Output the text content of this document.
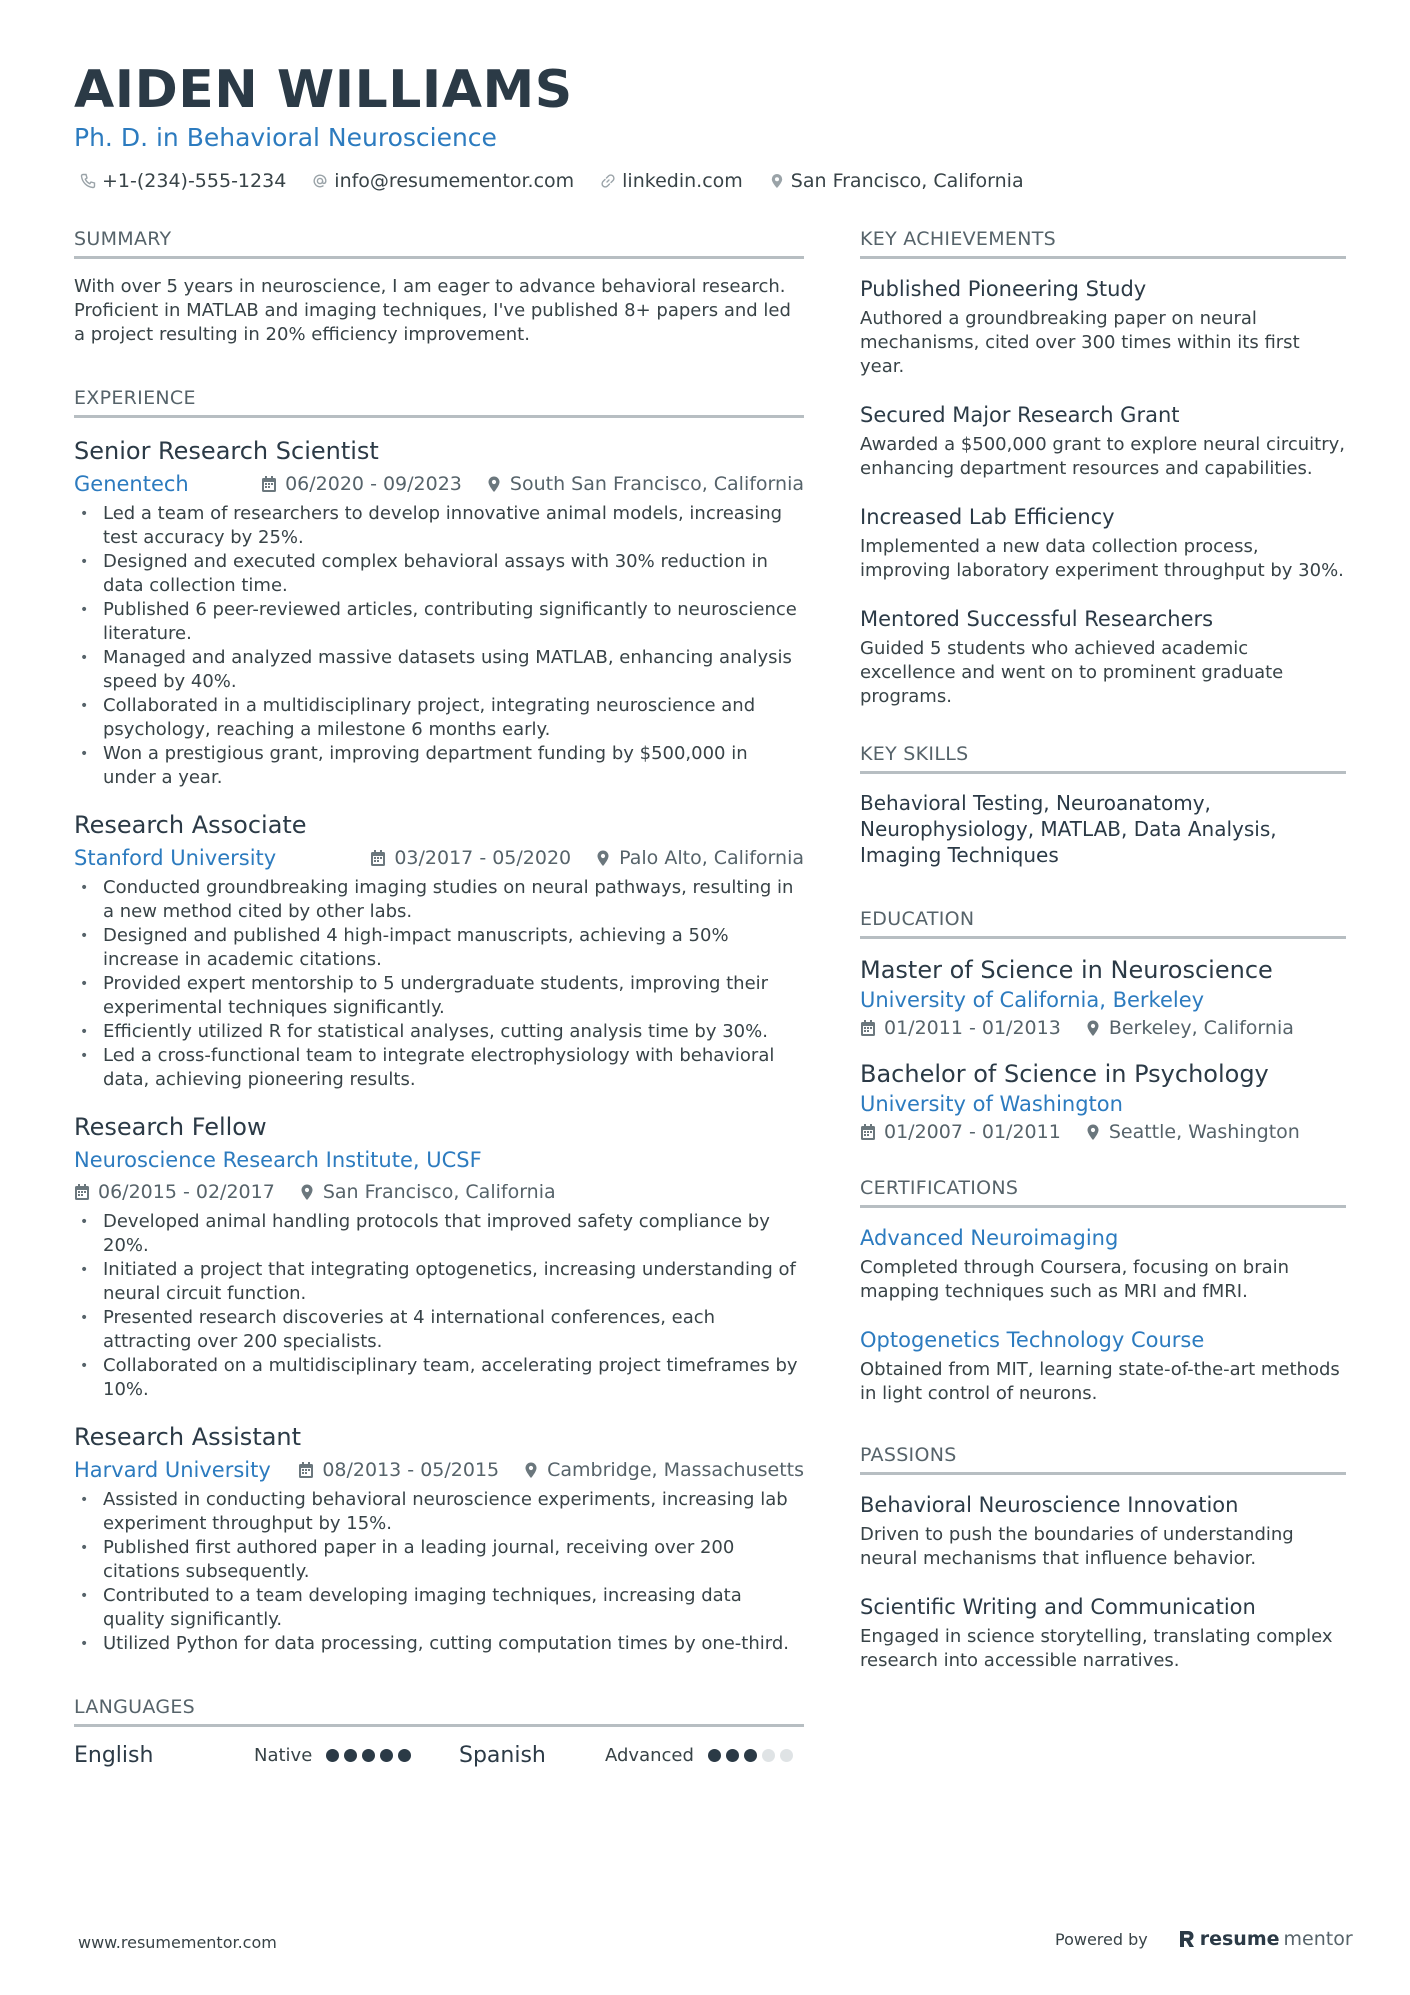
AIDEN WILLIAMS
Ph. D. in Behavioral Neuroscience
+1-(234)-555-1234	info@resumementor.com	linkedin.com	San Francisco, California
SUMMARY

With over 5 years in neuroscience, I am eager to advance behavioral research. Proficient in MATLAB and imaging techniques, I've published 8+ papers and led a project resulting in 20% efficiency improvement.

EXPERIENCE
Senior Research Scientist
Genentech	06/2020 - 09/2023	South San Francisco, California
• Led a team of researchers to develop innovative animal models, increasing test accuracy by 25%.
• Designed and executed complex behavioral assays with 30% reduction in data collection time.
• Published 6 peer-reviewed articles, contributing significantly to neuroscience literature.
• Managed and analyzed massive datasets using MATLAB, enhancing analysis speed by 40%.
• Collaborated in a multidisciplinary project, integrating neuroscience and psychology, reaching a milestone 6 months early.
• Won a prestigious grant, improving department funding by $500,000 in under a year.
Research Associate
Stanford University	03/2017 - 05/2020	Palo Alto, California
• Conducted groundbreaking imaging studies on neural pathways, resulting in a new method cited by other labs.
• Designed and published 4 high-impact manuscripts, achieving a 50% increase in academic citations.
• Provided expert mentorship to 5 undergraduate students, improving their experimental techniques significantly.
• Efficiently utilized R for statistical analyses, cutting analysis time by 30%.
• Led a cross-functional team to integrate electrophysiology with behavioral data, achieving pioneering results.
Research Fellow
Neuroscience Research Institute, UCSF
06/2015 - 02/2017	San Francisco, California
• Developed animal handling protocols that improved safety compliance by 20%.
• Initiated a project that integrating optogenetics, increasing understanding of neural circuit function.
• Presented research discoveries at 4 international conferences, each attracting over 200 specialists.
• Collaborated on a multidisciplinary team, accelerating project timeframes by 10%.
Research Assistant
Harvard University	08/2013 - 05/2015	Cambridge, Massachusetts
• Assisted in conducting behavioral neuroscience experiments, increasing lab experiment throughput by 15%.
• Published first authored paper in a leading journal, receiving over 200 citations subsequently.
• Contributed to a team developing imaging techniques, increasing data quality significantly.
• Utilized Python for data processing, cutting computation times by one-third.
LANGUAGES
English	Native	Spanish	Advanced
KEY ACHIEVEMENTS
Published Pioneering Study
Authored a groundbreaking paper on neural mechanisms, cited over 300 times within its first year.
Secured Major Research Grant
Awarded a $500,000 grant to explore neural circuitry, enhancing department resources and capabilities.
Increased Lab Efficiency
Implemented a new data collection process, improving laboratory experiment throughput by 30%.
Mentored Successful Researchers
Guided 5 students who achieved academic excellence and went on to prominent graduate programs.
KEY SKILLS
Behavioral Testing, Neuroanatomy, Neurophysiology, MATLAB, Data Analysis, Imaging Techniques
EDUCATION
Master of Science in Neuroscience
University of California, Berkeley
01/2011 - 01/2013	Berkeley, California
Bachelor of Science in Psychology
University of Washington
01/2007 - 01/2011	Seattle, Washington
CERTIFICATIONS
Advanced Neuroimaging
Completed through Coursera, focusing on brain mapping techniques such as MRI and fMRI.
Optogenetics Technology Course
Obtained from MIT, learning state-of-the-art methods in light control of neurons.
PASSIONS
Behavioral Neuroscience Innovation
Driven to push the boundaries of understanding neural mechanisms that influence behavior.
Scientific Writing and Communication
Engaged in science storytelling, translating complex research into accessible narratives.
www.resumementor.com	Powered by	resume mentor
